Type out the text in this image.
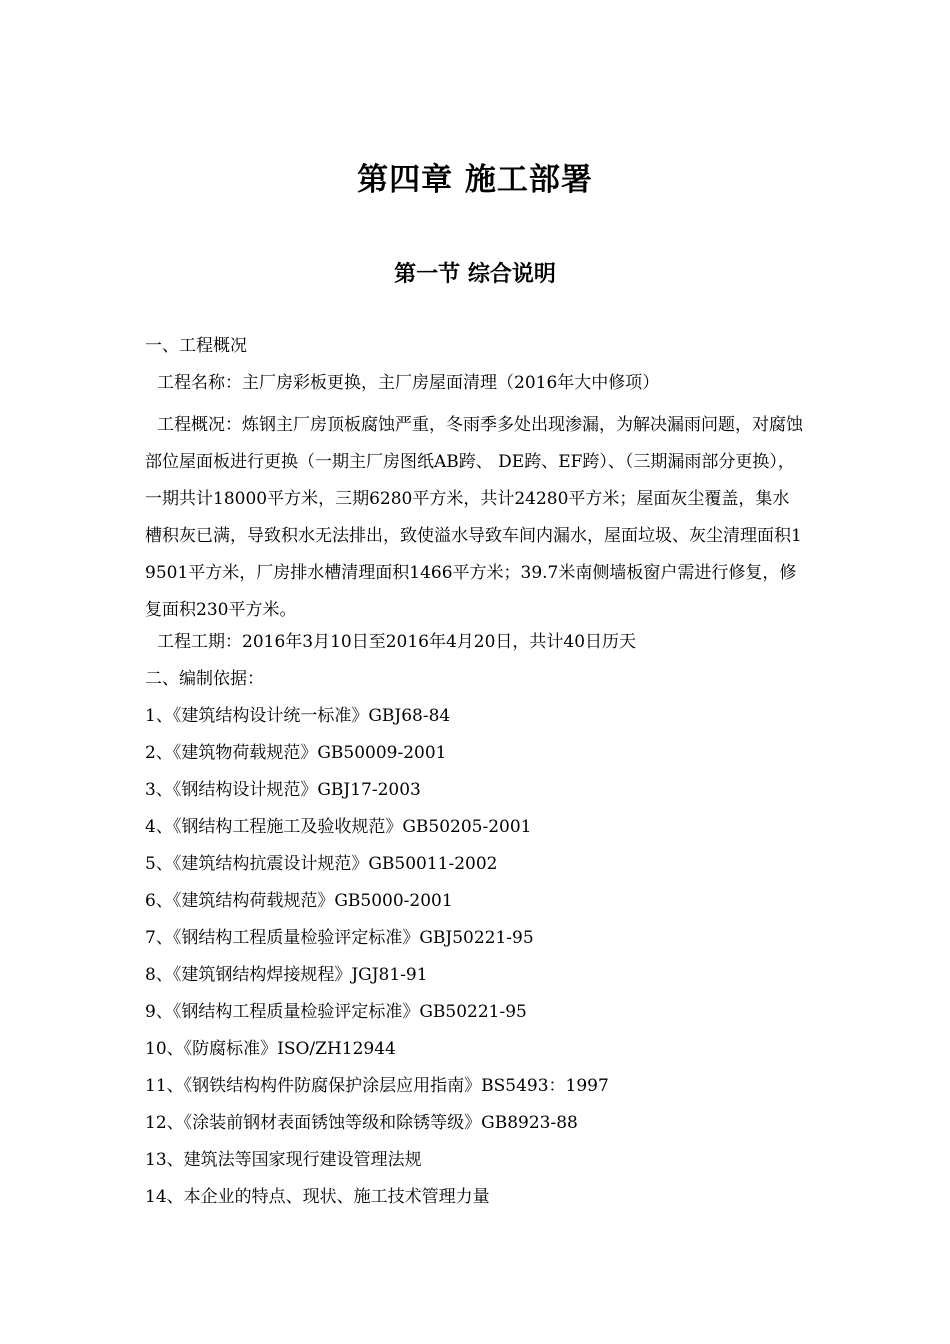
第四章 施工部署
第一节 综合说明
一、工程概况
工程名称：主厂房彩板更换，主厂房屋面清理（2016年大中修项）

工程概况：炼钢主厂房顶板腐蚀严重，冬雨季多处出现渗漏，为解决漏雨问题，对腐蚀部位屋面板进行更换（一期主厂房图纸AB跨、 DE跨、EF跨）、（三期漏雨部分更换），一期共计18000平方米，三期6280平方米，共计24280平方米；屋面灰尘覆盖，集水槽积灰已满，导致积水无法排出，致使溢水导致车间内漏水，屋面垃圾、灰尘清理面积19501平方米，厂房排水槽清理面积1466平方米；39.7米南侧墙板窗户需进行修复，修复面积230平方米。

工程工期：2016年3月10日至2016年4月20日，共计40日历天
二、编制依据：
1、《建筑结构设计统一标准》GBJ68-84
2、《建筑物荷载规范》GB50009-2001
3、《钢结构设计规范》GBJ17-2003
4、《钢结构工程施工及验收规范》GB50205-2001
5、《建筑结构抗震设计规范》GB50011-2002
6、《建筑结构荷载规范》GB5000-2001
7、《钢结构工程质量检验评定标准》GBJ50221-95
8、《建筑钢结构焊接规程》JGJ81-91
9、《钢结构工程质量检验评定标准》GB50221-95
10、《防腐标准》ISO/ZH12944
11、《钢铁结构构件防腐保护涂层应用指南》BS5493：1997
12、《涂装前钢材表面锈蚀等级和除锈等级》GB8923-88
13、建筑法等国家现行建设管理法规
14、本企业的特点、现状、施工技术管理力量
